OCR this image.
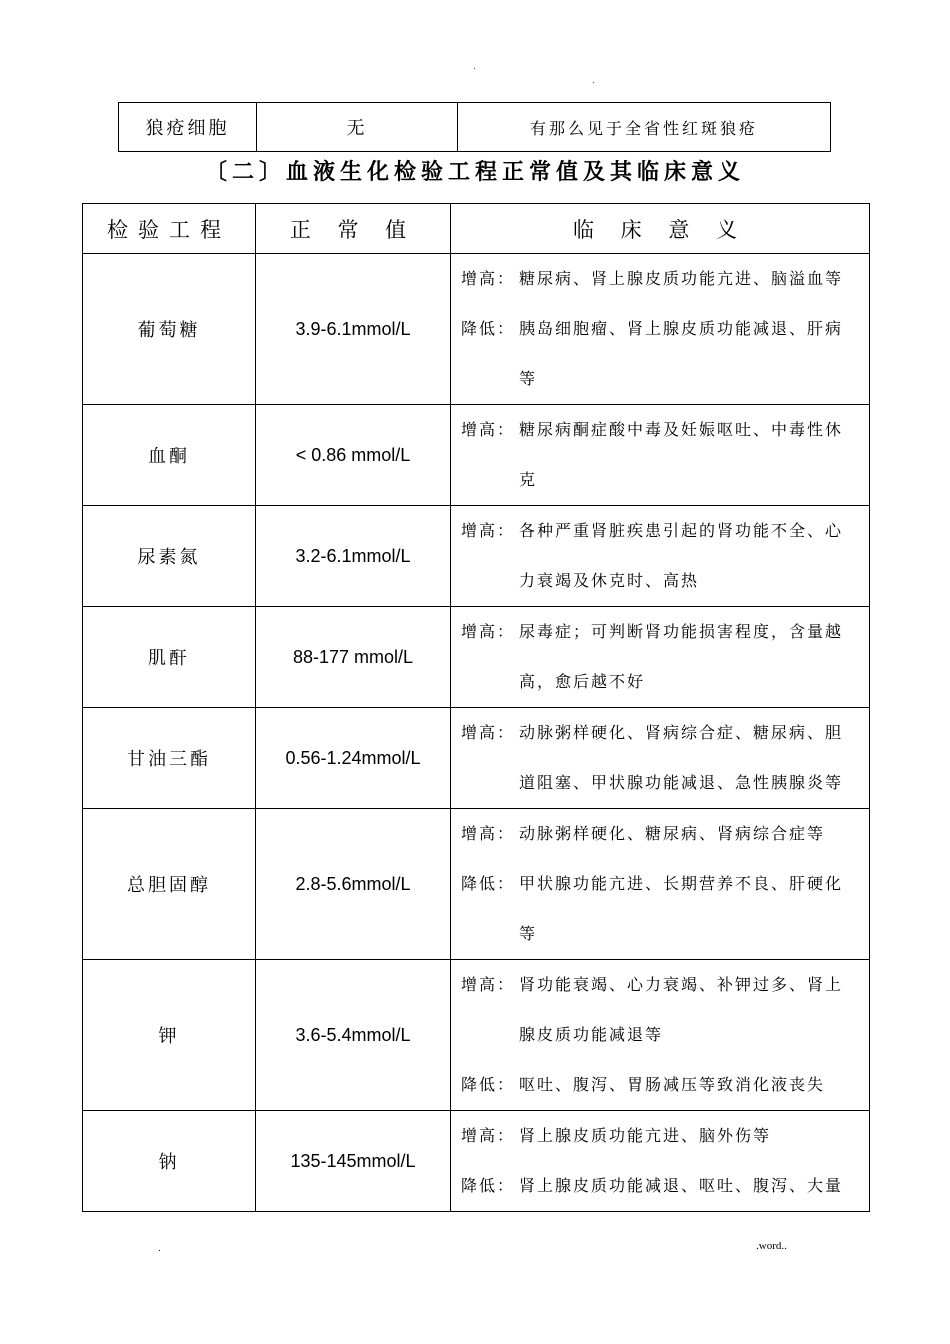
.
.
狼疮细胞	无	有那么见于全省性红斑狼疮
〔二〕血液生化检验工程正常值及其临床意义
检验工程	正 常 值	临 床 意 义
葡萄糖	3.9-6.1mmol/L	增高： 糖尿病、肾上腺皮质功能亢进、脑溢血等
降低： 胰岛细胞瘤、肾上腺皮质功能减退、肝病
等

血酮	< 0.86 mmol/L	增高： 糖尿病酮症酸中毒及妊娠呕吐、中毒性休
克

尿素氮	3.2-6.1mmol/L	增高： 各种严重肾脏疾患引起的肾功能不全、心
力衰竭及休克时、高热

肌酐	88-177 mmol/L	增高： 尿毒症；可判断肾功能损害程度，含量越
高，愈后越不好

甘油三酯	0.56-1.24mmol/L	增高： 动脉粥样硬化、肾病综合症、糖尿病、胆
道阻塞、甲状腺功能减退、急性胰腺炎等

总胆固醇	2.8-5.6mmol/L	增高： 动脉粥样硬化、糖尿病、肾病综合症等
降低： 甲状腺功能亢进、长期营养不良、肝硬化
等

钾	3.6-5.4mmol/L	增高： 肾功能衰竭、心力衰竭、补钾过多、肾上
腺皮质功能减退等
降低： 呕吐、腹泻、胃肠减压等致消化液丧失

钠	135-145mmol/L	增高： 肾上腺皮质功能亢进、脑外伤等
降低： 肾上腺皮质功能减退、呕吐、腹泻、大量
.	.word..
